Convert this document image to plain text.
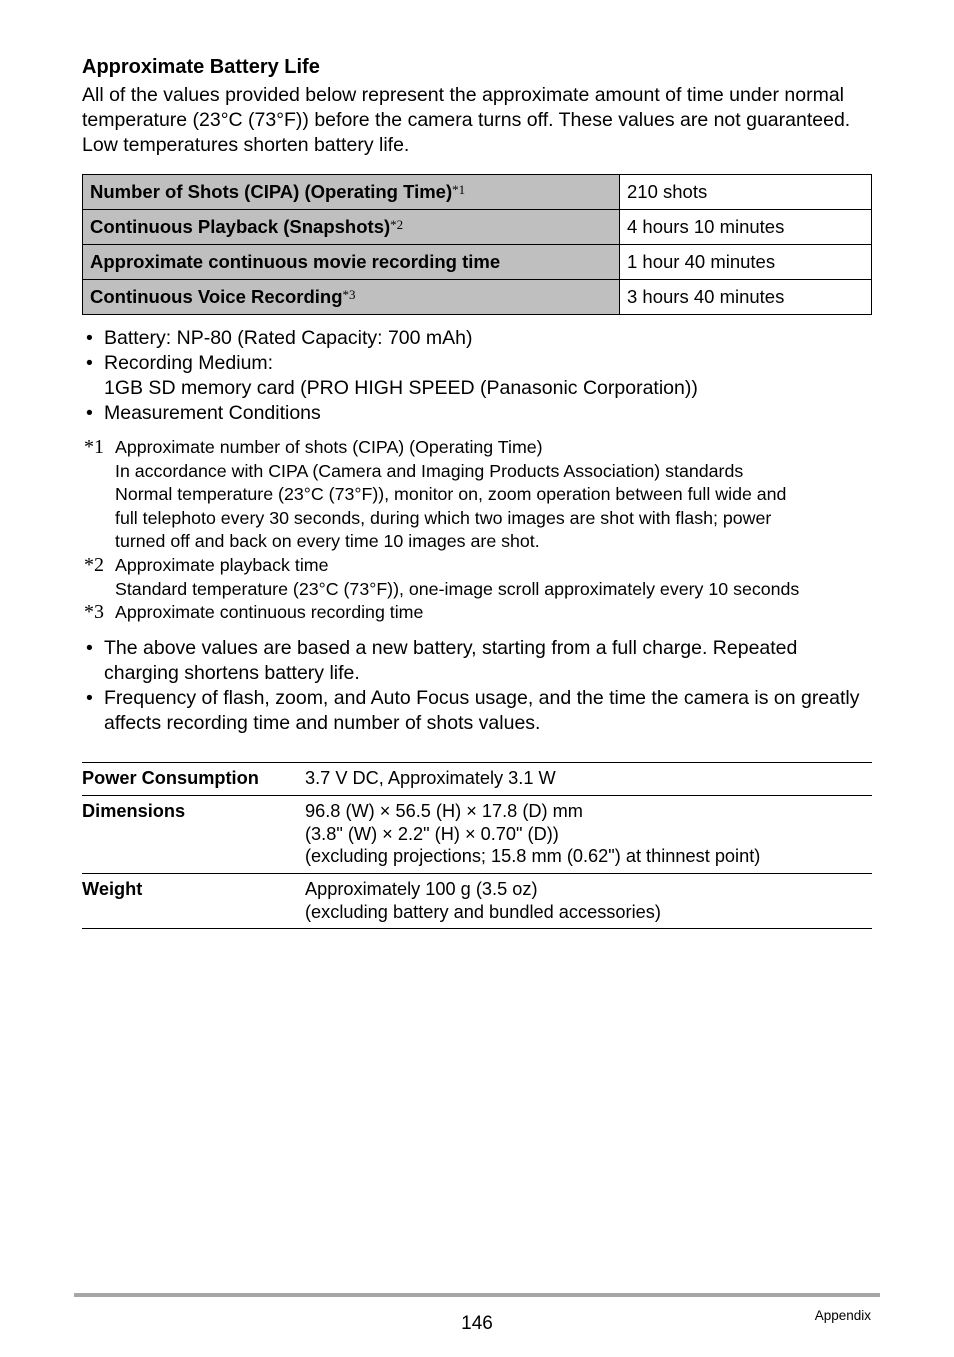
Approximate Battery Life
All of the values provided below represent the approximate amount of time under normal temperature (23°C (73°F)) before the camera turns off. These values are not guaranteed. Low temperatures shorten battery life.
Number of Shots (CIPA) (Operating Time)$^{*1}$	210 shots
Continuous Playback (Snapshots)$^{*2}$	4 hours 10 minutes
Approximate continuous movie recording time	1 hour 40 minutes
Continuous Voice Recording$^{*3}$	3 hours 40 minutes
• Battery: NP-80 (Rated Capacity: 700 mAh)
• Recording Medium:
1GB SD memory card (PRO HIGH SPEED (Panasonic Corporation))
• Measurement Conditions
*1 Approximate number of shots (CIPA) (Operating Time)
In accordance with CIPA (Camera and Imaging Products Association) standards
Normal temperature (23°C (73°F)), monitor on, zoom operation between full wide and
full telephoto every 30 seconds, during which two images are shot with flash; power
turned off and back on every time 10 images are shot.
*2 Approximate playback time
Standard temperature (23°C (73°F)), one-image scroll approximately every 10 seconds
*3 Approximate continuous recording time
• The above values are based a new battery, starting from a full charge. Repeated charging shortens battery life.
• Frequency of flash, zoom, and Auto Focus usage, and the time the camera is on greatly affects recording time and number of shots values.
Power Consumption	3.7 V DC, Approximately 3.1 W
Dimensions	96.8 (W) × 56.5 (H) × 17.8 (D) mm
(3.8" (W) × 2.2" (H) × 0.70" (D))
(excluding projections; 15.8 mm (0.62") at thinnest point)
Weight	Approximately 100 g (3.5 oz)
(excluding battery and bundled accessories)
146	Appendix
